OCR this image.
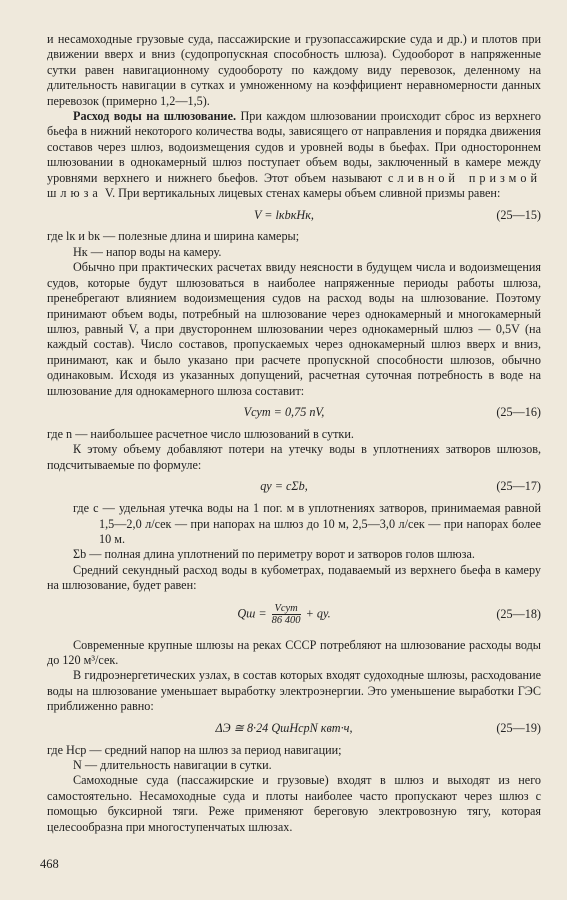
и несамоходные грузовые суда, пассажирские и грузопассажирские суда и др.) и плотов при движении вверх и вниз (судопропускная способность шлюза). Судооборот в напряженные сутки равен навигационному судообороту по каждому виду перевозок, деленному на длительность навигации в сутках и умноженному на коэффициент неравномерности данных перевозок (примерно 1,2—1,5).

Расход воды на шлюзование. При каждом шлюзовании происходит сброс из верхнего бьефа в нижний некоторого количества воды, зависящего от направления и порядка движения составов через шлюз, водоизмещения судов и уровней воды в бьефах. При одностороннем шлюзовании в однокамерный шлюз поступает объем воды, заключенный в камере между уровнями верхнего и нижнего бьефов. Этот объем называют сливной призмой шлюза V. При вертикальных лицевых стенах камеры объем сливной призмы равен:

V = lкbкHк,	(25—15)

где lк и bк — полезные длина и ширина камеры;

Hк — напор воды на камеру.

Обычно при практических расчетах ввиду неясности в будущем числа и водоизмещения судов, которые будут шлюзоваться в наиболее напряженные периоды работы шлюза, пренебрегают влиянием водоизмещения судов на расход воды на шлюзование. Поэтому принимают объем воды, потребный на шлюзование через однокамерный и многокамерный шлюз, равный V, а при двустороннем шлюзовании через однокамерный шлюз — 0,5V (на каждый состав). Число составов, пропускаемых через однокамерный шлюз вверх и вниз, принимают, как и было указано при расчете пропускной способности шлюзов, обычно одинаковым. Исходя из указанных допущений, расчетная суточная потребность в воде на шлюзование для однокамерного шлюза составит:

Vсут = 0,75 nV,	(25—16)

где n — наибольшее расчетное число шлюзований в сутки.

К этому объему добавляют потери на утечку воды в уплотнениях затворов шлюзов, подсчитываемые по формуле:

qу = cΣb,	(25—17)

где c — удельная утечка воды на 1 пог. м в уплотнениях затворов, принимаемая равной 1,5—2,0 л/сек — при напорах на шлюз до 10 м, 2,5—3,0 л/сек — при напорах более 10 м.

Σb — полная длина уплотнений по периметру ворот и затворов голов шлюза.

Средний секундный расход воды в кубометрах, подаваемый из верхнего бьефа в камеру на шлюзование, будет равен:

Qш = $\frac{\text{Vсут}}{86 400}$ + qу.	(25—18)

Современные крупные шлюзы на реках СССР потребляют на шлюзование расходы воды до 120 м³/сек.

В гидроэнергетических узлах, в состав которых входят судоходные шлюзы, расходование воды на шлюзование уменьшает выработку электроэнергии. Это уменьшение выработки ГЭС приближенно равно:

ΔЭ ≅ 8·24 QшHсрN квт·ч,	(25—19)

где Hср — средний напор на шлюз за период навигации;

N — длительность навигации в сутки.

Самоходные суда (пассажирские и грузовые) входят в шлюз и выходят из него самостоятельно. Несамоходные суда и плоты наиболее часто пропускают через шлюз с помощью буксирной тяги. Реже применяют береговую электровозную тягу, которая целесообразна при многоступенчатых шлюзах.

468
